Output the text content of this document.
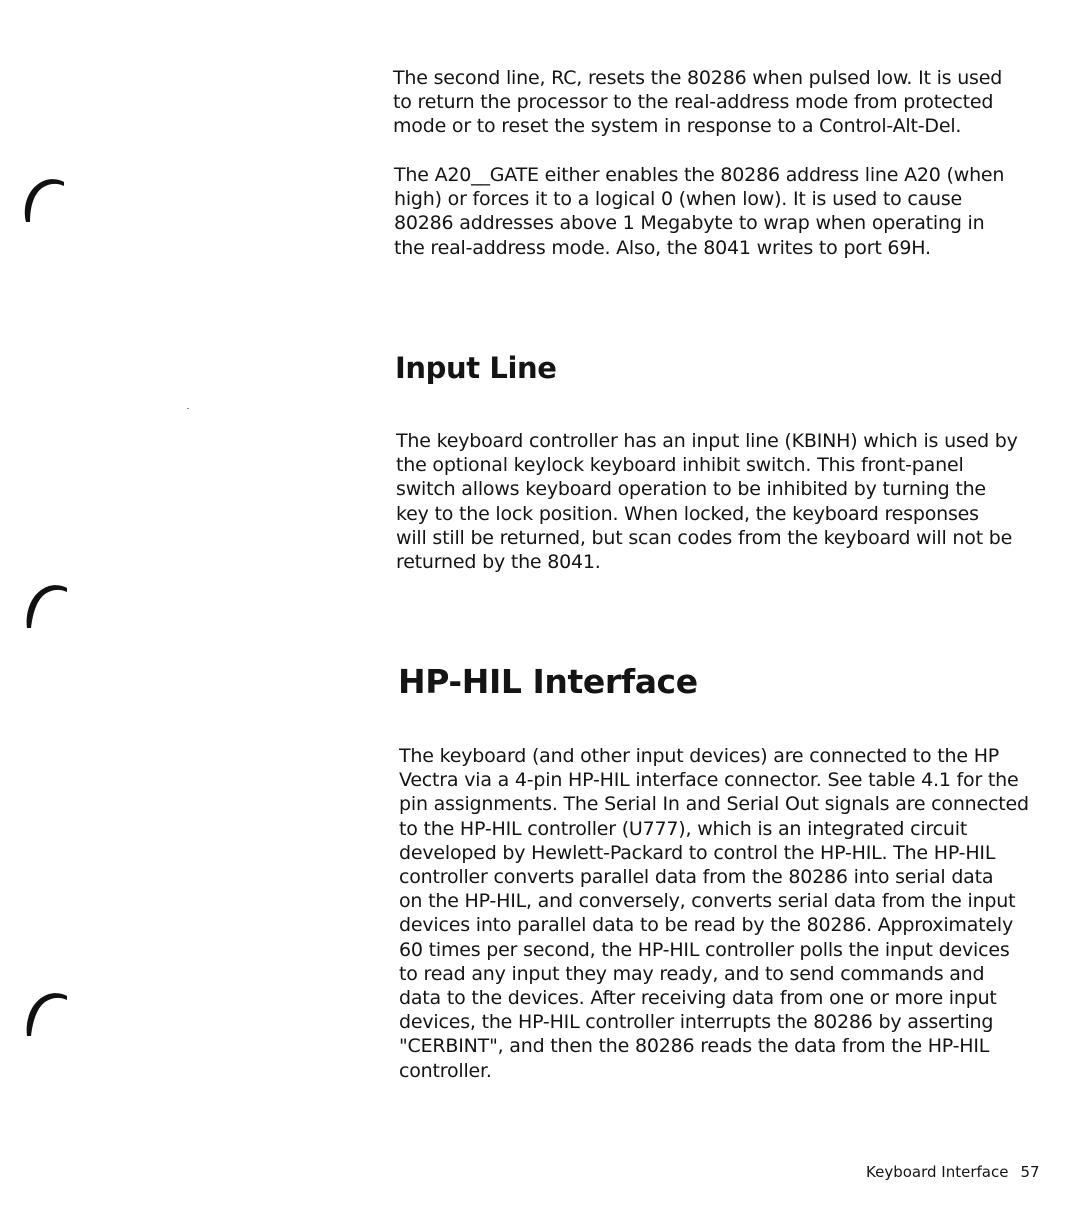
The second line, RC, resets the 80286 when pulsed low. It is used
to return the processor to the real-address mode from protected
mode or to reset the system in response to a Control-Alt-Del.

The A20__GATE either enables the 80286 address line A20 (when
high) or forces it to a logical 0 (when low). It is used to cause
80286 addresses above 1 Megabyte to wrap when operating in
the real-address mode. Also, the 8041 writes to port 69H.

Input Line

The keyboard controller has an input line (KBINH) which is used by
the optional keylock keyboard inhibit switch. This front-panel
switch allows keyboard operation to be inhibited by turning the
key to the lock position. When locked, the keyboard responses
will still be returned, but scan codes from the keyboard will not be
returned by the 8041.

HP-HIL Interface

The keyboard (and other input devices) are connected to the HP
Vectra via a 4-pin HP-HIL interface connector. See table 4.1 for the
pin assignments. The Serial In and Serial Out signals are connected
to the HP-HIL controller (U777), which is an integrated circuit
developed by Hewlett-Packard to control the HP-HIL. The HP-HIL
controller converts parallel data from the 80286 into serial data
on the HP-HIL, and conversely, converts serial data from the input
devices into parallel data to be read by the 80286. Approximately
60 times per second, the HP-HIL controller polls the input devices
to read any input they may ready, and to send commands and
data to the devices. After receiving data from one or more input
devices, the HP-HIL controller interrupts the 80286 by asserting
"CERBINT", and then the 80286 reads the data from the HP-HIL
controller.

Keyboard Interface 57
